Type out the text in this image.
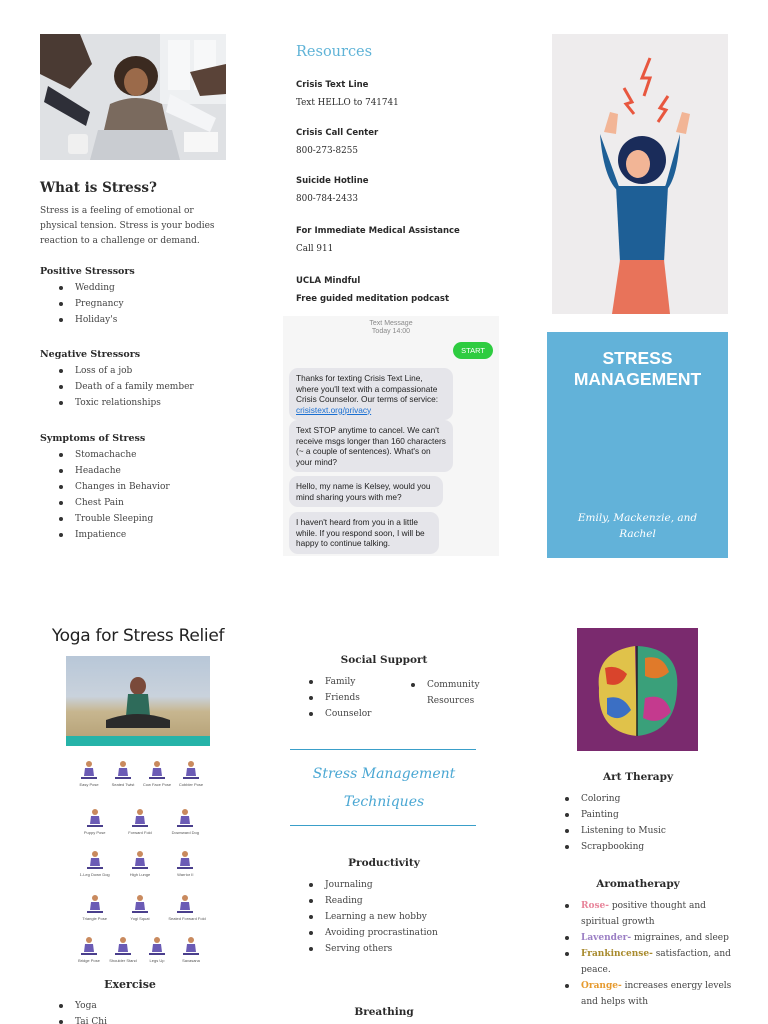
What is Stress?
Stress is a feeling of emotional or physical tension. Stress is your bodies reaction to a challenge or demand.
Positive Stressors
Wedding
Pregnancy
Holiday's
Negative Stressors
Loss of a job
Death of a family member
Toxic relationships
Symptoms of Stress
Stomachache
Headache
Changes in Behavior
Chest Pain
Trouble Sleeping
Impatience
Resources
Crisis Text Line
Text HELLO to 741741
Crisis Call Center
800-273-8255
Suicide Hotline
800-784-2433
For Immediate Medical Assistance
Call 911
UCLA Mindful
Free guided meditation podcast
Text Message
Today 14:00
START
Thanks for texting Crisis Text Line, where you'll text with a compassionate Crisis Counselor. Our terms of service: crisistext.org/privacy
Text STOP anytime to cancel. We can't receive msgs longer than 160 characters (~ a couple of sentences). What's on your mind?
Hello, my name is Kelsey, would you mind sharing yours with me?
I haven't heard from you in a little while. If you respond soon, I will be happy to continue talking.
STRESS
MANAGEMENT
Emily, Mackenzie, and Rachel
Yoga for Stress Relief
Easy Pose	Seated Twist	Cow Face Pose	Cobbler Pose
Puppy Pose	Forward Fold	Downward Dog
1-Leg Down Dog	High Lunge	Warrior II
Triangle Pose	Yogi Squat	Seated Forward Fold
Bridge Pose	Shoulder Stand	Legs Up	Savasana
Exercise
Yoga
Tai Chi
Social Support
Family
Friends
Counselor
Community Resources
Stress Management
Techniques
Productivity
Journaling
Reading
Learning a new hobby
Avoiding procrastination
Serving others
Breathing
Art Therapy
Coloring
Painting
Listening to Music
Scrapbooking
Aromatherapy
Rose- positive thought and spiritual growth
Lavender- migraines, and sleep
Frankincense- satisfaction, and peace.
Orange- increases energy levels and helps with
